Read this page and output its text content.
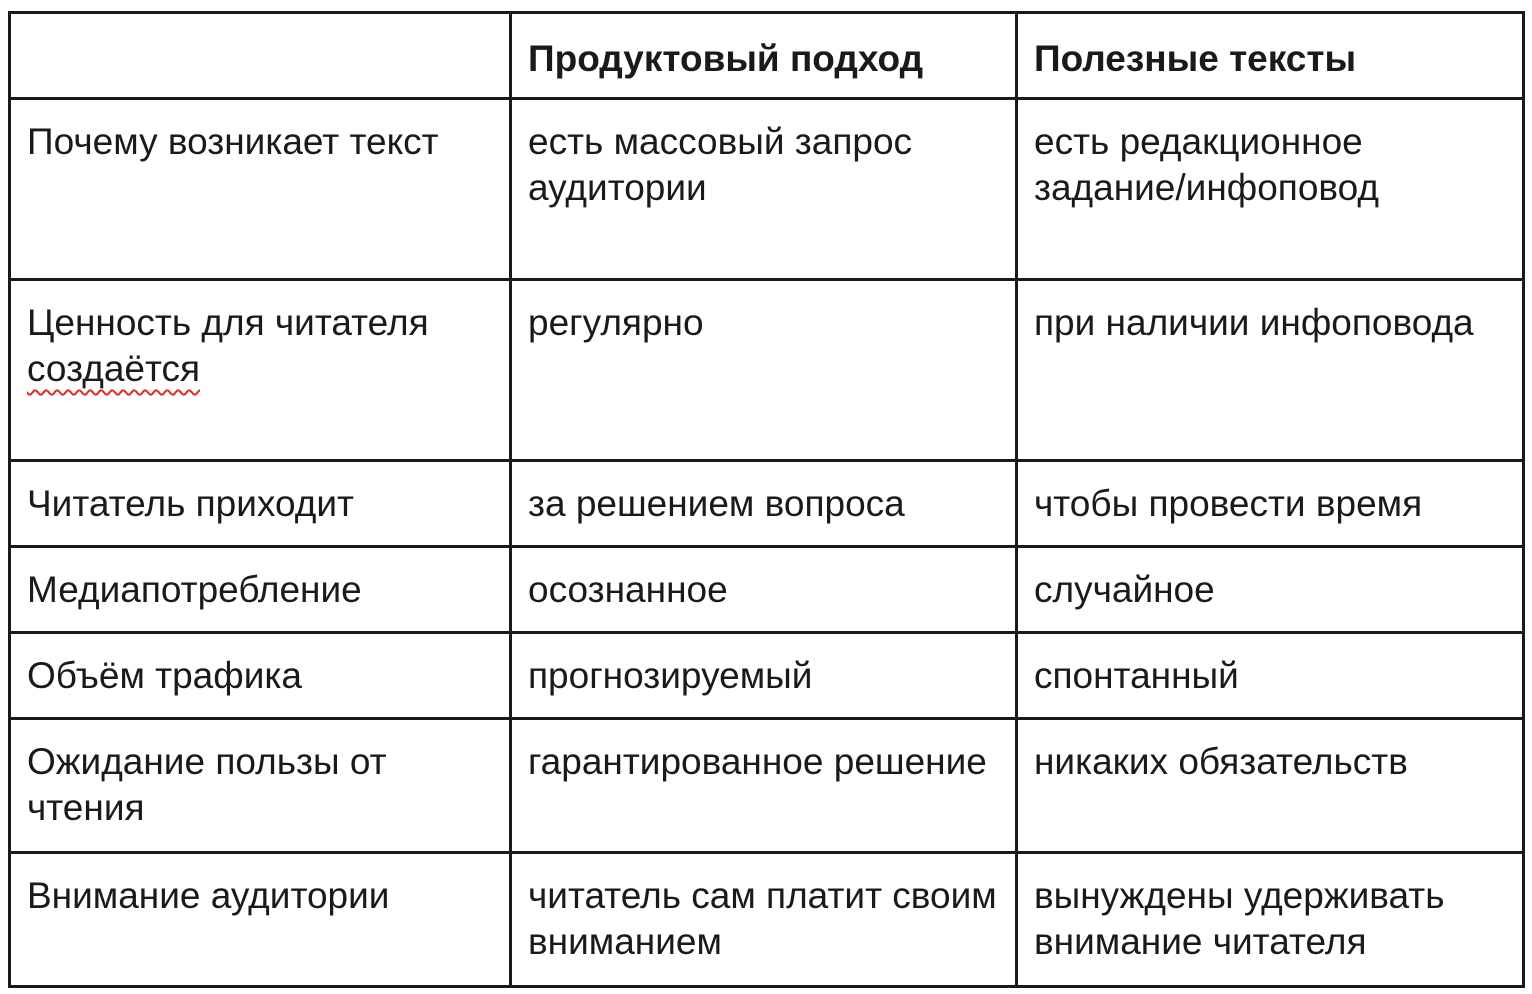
	Продуктовый подход	Полезные тексты
Почему возникает текст	есть массовый запрос аудитории	есть редакционное задание/инфоповод
Ценность для читателя создаётся	регулярно	при наличии инфоповода
Читатель приходит	за решением вопроса	чтобы провести время
Медиапотребление	осознанное	случайное
Объём трафика	прогнозируемый	спонтанный
Ожидание пользы от чтения	гарантированное решение	никаких обязательств
Внимание аудитории	читатель сам платит своим вниманием	вынуждены удерживать внимание читателя
